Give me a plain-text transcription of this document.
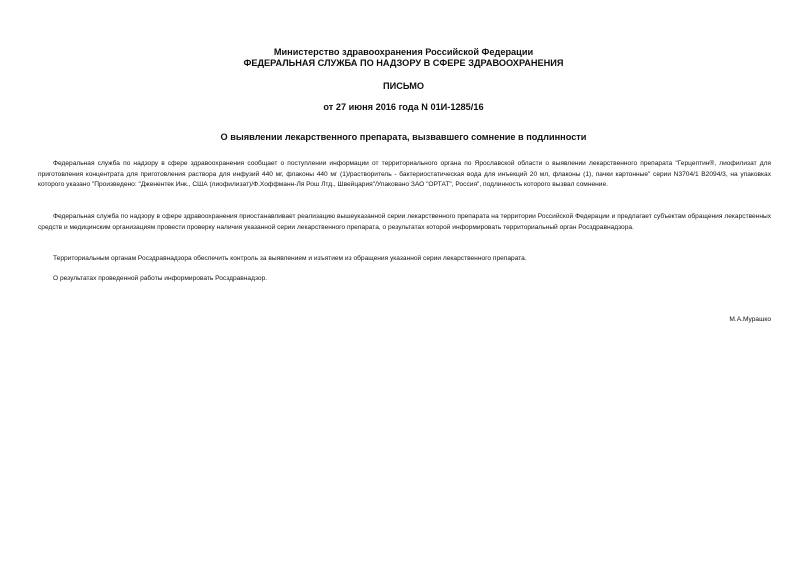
Министерство здравоохранения Российской Федерации
ФЕДЕРАЛЬНАЯ СЛУЖБА ПО НАДЗОРУ В СФЕРЕ ЗДРАВООХРАНЕНИЯ
ПИСЬМО
от 27 июня 2016 года N 01И-1285/16
О выявлении лекарственного препарата, вызвавшего сомнение в подлинности

Федеральная служба по надзору в сфере здравоохранения сообщает о поступлении информации от территориального органа по Ярославской области о выявлении лекарственного препарата "Герцептин®, лиофилизат для приготовления концентрата для приготовления раствора для инфузий 440 мг, флаконы 440 мг (1)/растворитель - бактериостатическая вода для инъекций 20 мл, флаконы (1), пачки картонные" серии N3704/1 B2094/3, на упаковках которого указано "Произведено: "Дженентек Инк., США (лиофилизат)/Ф.Хоффманн-Ля Рош Лтд., Швейцария"/Упаковано ЗАО "ОРТАТ", Россия", подлинность которого вызвал сомнение.

Федеральная служба по надзору в сфере здравоохранения приостанавливает реализацию вышеуказанной серии лекарственного препарата на территории Российской Федерации и предлагает субъектам обращения лекарственных средств и медицинским организациям провести проверку наличия указанной серии лекарственного препарата, о результатах которой информировать территориальный орган Росздравнадзора.

Территориальным органам Росздравнадзора обеспечить контроль за выявлением и изъятием из обращения указанной серии лекарственного препарата.

О результатах проведенной работы информировать Росздравнадзор.

М.А.Мурашко
